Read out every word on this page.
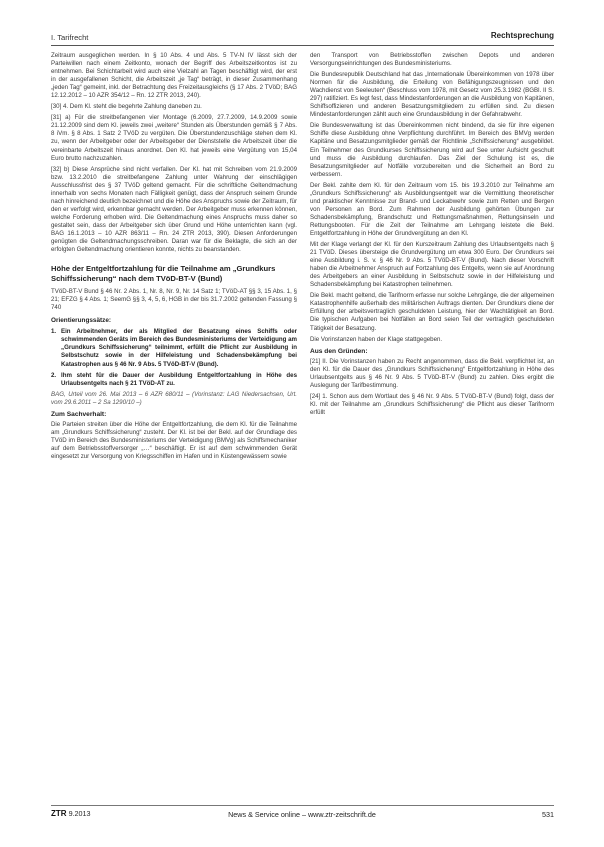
I. Tarifrecht	Rechtsprechung

Zeitraum ausgeglichen werden. In § 10 Abs. 4 und Abs. 5 TV-N IV lässt sich der Parteiwillen nach einem Zeitkonto, wonach der Begriff des Arbeitszeitkontos ist zu entnehmen. Bei Schichtarbeit wird auch eine Vielzahl an Tagen beschäftigt wird, der erst in der ausgefallenen Schicht, die Arbeitszeit „je Tag“ beträgt, in dieser Zusammenhang „jeden Tag“ gemeint, inkl. der Betrachtung des Freizeitausgleichs (§ 17 Abs. 2 TVöD; BAG 12.12.2012 – 10 AZR 354/12 – Rn. 12 ZTR 2013, 240).

[30] 4. Dem Kl. steht die begehrte Zahlung daneben zu.

[31] a) Für die streitbefangenen vier Montage (6.2009, 27.7.2009, 14.9.2009 sowie 21.12.2009 sind dem Kl. jeweils zwei „weitere“ Stunden als Überstunden gemäß § 7 Abs. 8 iVm. § 8 Abs. 1 Satz 2 TVöD zu vergüten. Die Überstundenzuschläge stehen dem Kl. zu, wenn der Arbeitgeber oder der Arbeitsgeber der Dienststelle die Arbeitszeit über die vereinbarte Arbeitszeit hinaus anordnet. Den Kl. hat jeweils eine Vergütung von 15,04 Euro brutto nachzuzahlen.

[32] b) Diese Ansprüche sind nicht verfallen. Der Kl. hat mit Schreiben vom 21.9.2009 bzw. 13.2.2010 die streitbefangene Zahlung unter Wahrung der einschlägigen Ausschlussfrist des § 37 TVöD geltend gemacht. Für die schriftliche Geltendmachung innerhalb von sechs Monaten nach Fälligkeit genügt, dass der Anspruch seinem Grunde nach hinreichend deutlich bezeichnet und die Höhe des Anspruchs sowie der Zeitraum, für den er verfolgt wird, erkennbar gemacht werden. Der Arbeitgeber muss erkennen können, welche Forderung erhoben wird. Die Geltendmachung eines Anspruchs muss daher so gestaltet sein, dass der Arbeitgeber sich über Grund und Höhe unterrichten kann (vgl. BAG 16.1.2013 – 10 AZR 863/11 – Rn. 24 ZTR 2013, 390). Diesen Anforderungen genügten die Geltendmachungsschreiben. Daran war für die Beklagte, die sich an der erfolgten Geltendmachung orientieren konnte, nichts zu beanstanden.

Höhe der Entgeltfortzahlung für die Teilnahme am „Grundkurs Schiffssicherung“ nach dem TVöD-BT-V (Bund)

TVöD-BT-V Bund § 46 Nr. 2 Abs. 1, Nr. 8, Nr. 9, Nr. 14 Satz 1; TVöD-AT §§ 3, 15 Abs. 1, § 21; EFZG § 4 Abs. 1; SeemG §§ 3, 4, 5, 6, HGB in der bis 31.7.2002 geltenden Fassung § 740

Orientierungssätze:
1. Ein Arbeitnehmer, der als Mitglied der Besatzung eines Schiffs oder schwimmenden Geräts im Bereich des Bundesministeriums der Verteidigung am „Grundkurs Schiffssicherung“ teilnimmt, erfüllt die Pflicht zur Ausbildung in Selbstschutz sowie in der Hilfeleistung und Schadensbekämpfung bei Katastrophen aus § 46 Nr. 9 Abs. 5 TVöD-BT-V (Bund).
2. Ihm steht für die Dauer der Ausbildung Entgeltfortzahlung in Höhe des Urlaubsentgelts nach § 21 TVöD-AT zu.

BAG, Urteil vom 26. Mai 2013 – 6 AZR 680/11 – (Vorinstanz: LAG Niedersachsen, Urt. vom 29.6.2011 – 2 Sa 1290/10 –)

Zum Sachverhalt:

Die Parteien streiten über die Höhe der Entgeltfortzahlung, die dem Kl. für die Teilnahme am „Grundkurs Schiffssicherung“ zusteht. Der Kl. ist bei der Bekl. auf der Grundlage des TVöD im Bereich des Bundesministeriums der Verteidigung (BMVg) als Schiffsmechaniker auf dem Betriebsstoffversorger „…“ beschäftigt. Er ist auf dem schwimmenden Gerät eingesetzt zur Versorgung von Kriegsschiffen im Hafen und in Küstengewässern sowie

den Transport von Betriebsstoffen zwischen Depots und anderen Versorgungseinrichtungen des Bundesministeriums.

Die Bundesrepublik Deutschland hat das „Internationale Übereinkommen von 1978 über Normen für die Ausbildung, die Erteilung von Befähigungszeugnissen und den Wachdienst von Seeleuten“ (Beschluss vom 1978, mit Gesetz vom 25.3.1982 (BGBl. II S. 297) ratifiziert. Es legt fest, dass Mindestanforderungen an die Ausbildung von Kapitänen, Schiffsoffizieren und anderen Besatzungsmitgliedern zu erfüllen sind. Zu diesen Mindestanforderungen zählt auch eine Grundausbildung in der Gefahrabwehr.

Die Bundesverwaltung ist das Übereinkommen nicht bindend, da sie für ihre eigenen Schiffe diese Ausbildung ohne Verpflichtung durchführt. Im Bereich des BMVg werden Kapitäne und Besatzungsmitglieder gemäß der Richtlinie „Schiffssicherung“ ausgebildet. Ein Teilnehmer des Grundkurses Schiffssicherung wird auf See unter Aufsicht geschult und muss die Ausbildung durchlaufen. Das Ziel der Schulung ist es, die Besatzungsmitglieder auf Notfälle vorzubereiten und die Sicherheit an Bord zu verbessern.

Der Bekl. zahlte dem Kl. für den Zeitraum vom 15. bis 19.3.2010 zur Teilnahme am „Grundkurs Schiffssicherung“ als Ausbildungsentgelt war die Vermittlung theoretischer und praktischer Kenntnisse zur Brand- und Leckabwehr sowie zum Retten und Bergen von Personen an Bord. Zum Rahmen der Ausbildung gehörten Übungen zur Schadensbekämpfung, Brandschutz und Rettungsmaßnahmen, Rettungsinseln und Rettungsbooten. Für die Zeit der Teilnahme am Lehrgang leistete die Bekl. Entgeltfortzahlung in Höhe der Grundvergütung an den Kl.

Mit der Klage verlangt der Kl. für den Kurszeitraum Zahlung des Urlaubsentgelts nach § 21 TVöD. Dieses übersteige die Grundvergütung um etwa 300 Euro. Der Grundkurs sei eine Ausbildung i. S. v. § 46 Nr. 9 Abs. 5 TVöD-BT-V (Bund). Nach dieser Vorschrift haben die Arbeitnehmer Anspruch auf Fortzahlung des Entgelts, wenn sie auf Anordnung des Arbeitgebers an einer Ausbildung in Selbstschutz sowie in der Hilfeleistung und Schadensbekämpfung bei Katastrophen teilnehmen.

Die Bekl. macht geltend, die Tarifnorm erfasse nur solche Lehrgänge, die der allgemeinen Katastrophenhilfe außerhalb des militärischen Auftrags dienten. Der Grundkurs diene der Erfüllung der arbeitsvertraglich geschuldeten Leistung, hier der Wachtätigkeit an Bord. Die typischen Aufgaben bei Notfällen an Bord seien Teil der vertraglich geschuldeten Tätigkeit der Besatzung.

Die Vorinstanzen haben der Klage stattgegeben.

Aus den Gründen:

[21] II. Die Vorinstanzen haben zu Recht angenommen, dass die Bekl. verpflichtet ist, an den Kl. für die Dauer des „Grundkurs Schiffssicherung“ Entgeltfortzahlung in Höhe des Urlaubsentgelts aus § 46 Nr. 9 Abs. 5 TVöD-BT-V (Bund) zu zahlen. Dies ergibt die Auslegung der Tarifbestimmung.

[24] 1. Schon aus dem Wortlaut des § 46 Nr. 9 Abs. 5 TVöD-BT-V (Bund) folgt, dass der Kl. mit der Teilnahme am „Grundkurs Schiffssicherung“ die Pflicht aus dieser Tarifnorm erfüllt

ZTR 9.2013	News & Service online – www.ztr-zeitschrift.de	531
